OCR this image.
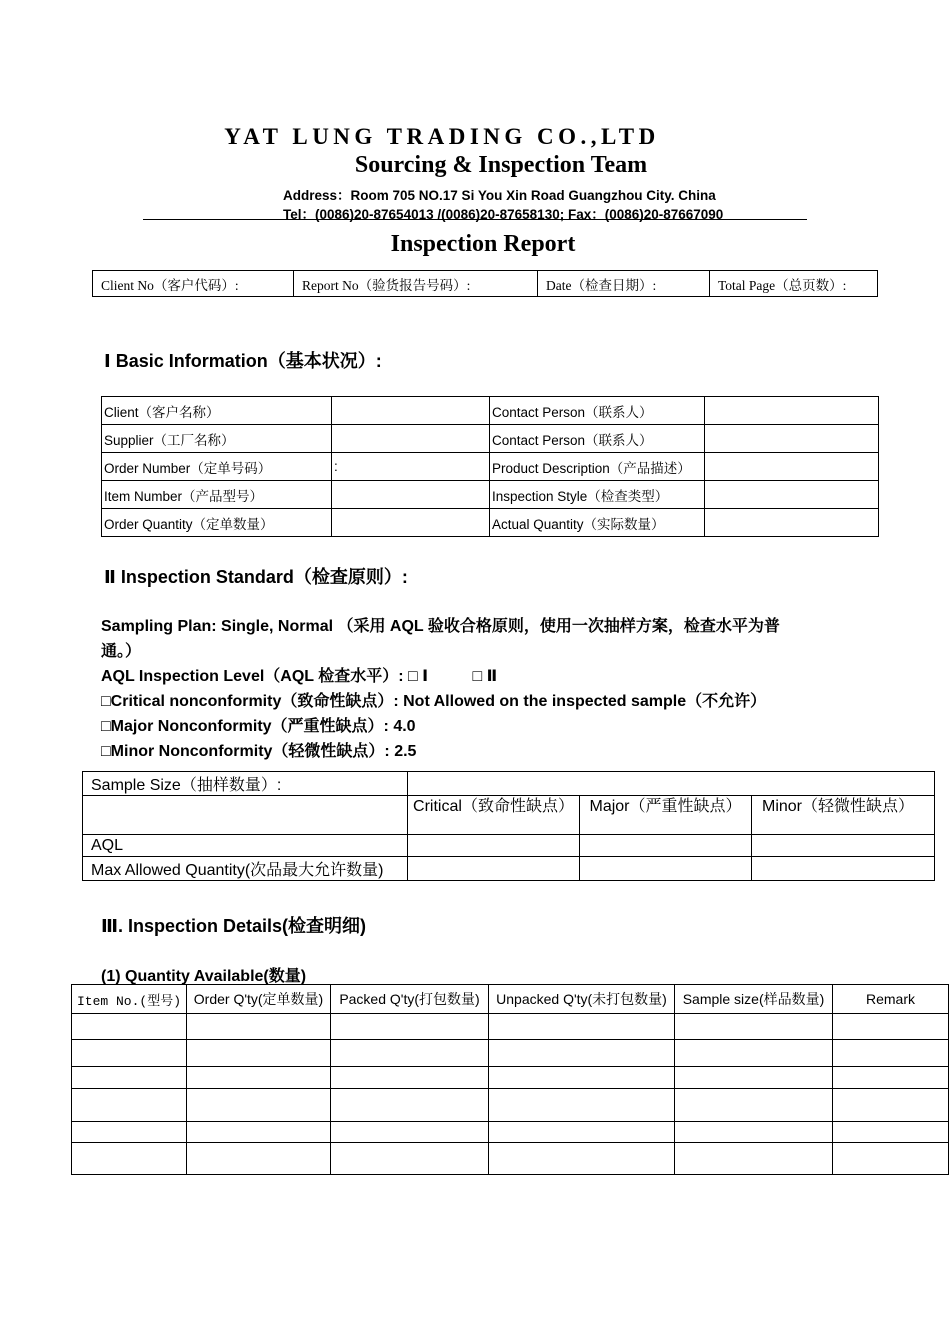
YAT LUNG TRADING CO.,LTD
Sourcing & Inspection Team
Address：Room 705 NO.17 Si You Xin Road Guangzhou City. China
Tel：(0086)20-87654013 /(0086)20-87658130; Fax：(0086)20-87667090
Inspection Report
Client No（客户代码）:	Report No（验货报告号码）:	Date（检查日期）:	Total Page（总页数）:
Ⅰ Basic Information（基本状况）:
Client（客户名称）		Contact Person（联系人）	
Supplier（工厂名称）		Contact Person（联系人）	
Order Number（定单号码）	:	Product Description（产品描述）	
Item Number（产品型号）		Inspection Style（检查类型）	
Order Quantity（定单数量）		Actual Quantity（实际数量）	
Ⅱ Inspection Standard（检查原则）:
Sampling Plan: Single, Normal （采用 AQL 验收合格原则，使用一次抽样方案，检查水平为普
通。）
AQL Inspection Level（AQL 检查水平）: □ Ⅰ          □ Ⅱ
□Critical nonconformity（致命性缺点）: Not Allowed on the inspected sample（不允许）
□Major Nonconformity（严重性缺点）: 4.0
□Minor Nonconformity（轻微性缺点）: 2.5
Sample Size（抽样数量）:			
	Critical（致命性缺点）	Major（严重性缺点）	Minor（轻微性缺点）
AQL			
Max Allowed Quantity(次品最大允许数量)			
Ⅲ. Inspection Details(检查明细)
(1) Quantity Available(数量)
Item No.(型号)	Order Q'ty(定单数量)	Packed Q'ty(打包数量)	Unpacked Q'ty(未打包数量)	Sample size(样品数量)	Remark
